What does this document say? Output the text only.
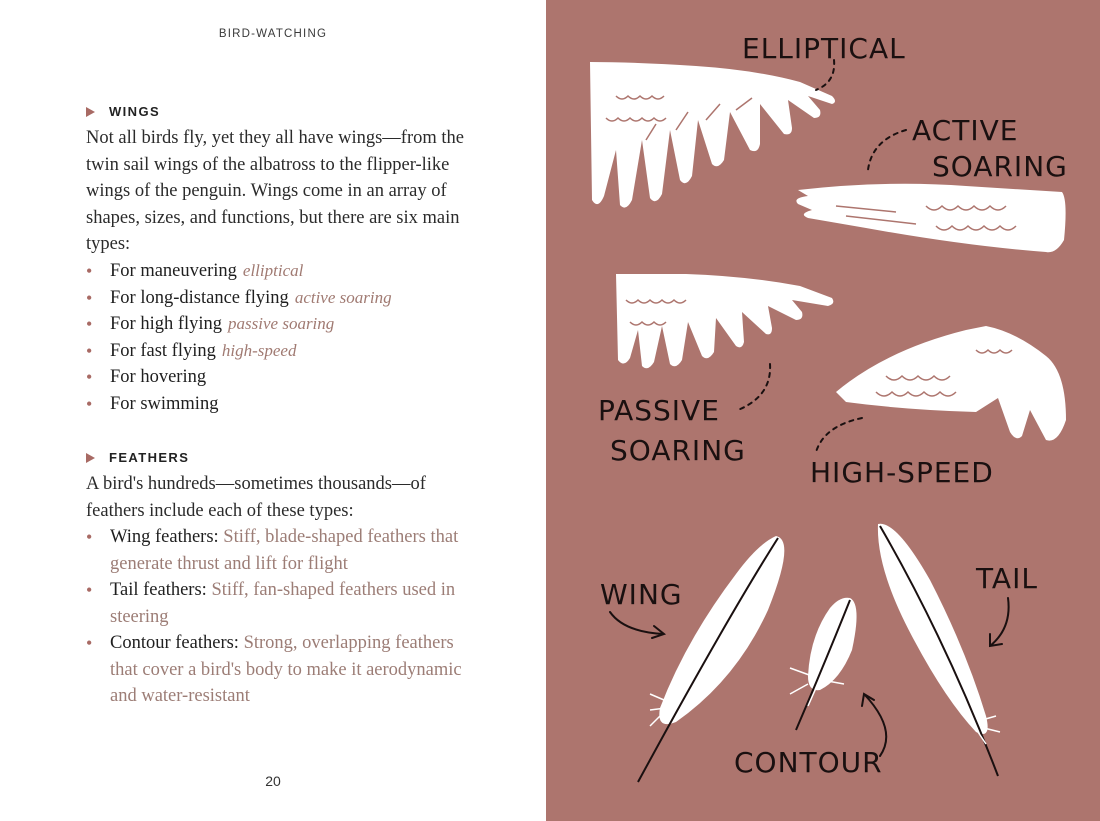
BIRD-WATCHING
WINGS

Not all birds fly, yet they all have wings—from the twin sail wings of the albatross to the flipper-like wings of the penguin. Wings come in an array of shapes, sizes, and functions, but there are six main types:

• For maneuvering elliptical
• For long-distance flying active soaring
• For high flying passive soaring
• For fast flying high-speed
• For hovering
• For swimming
FEATHERS

A bird's hundreds—sometimes thousands—of feathers include each of these types:

• Wing feathers: Stiff, blade-shaped feathers that generate thrust and lift for flight
• Tail feathers: Stiff, fan-shaped feathers used in steering
• Contour feathers: Strong, overlapping feathers that cover a bird's body to make it aerodynamic and water-resistant
20
ELLIPTICAL
ACTIVE
SOARING
PASSIVE
SOARING
HIGH-SPEED
WING
CONTOUR
TAIL
